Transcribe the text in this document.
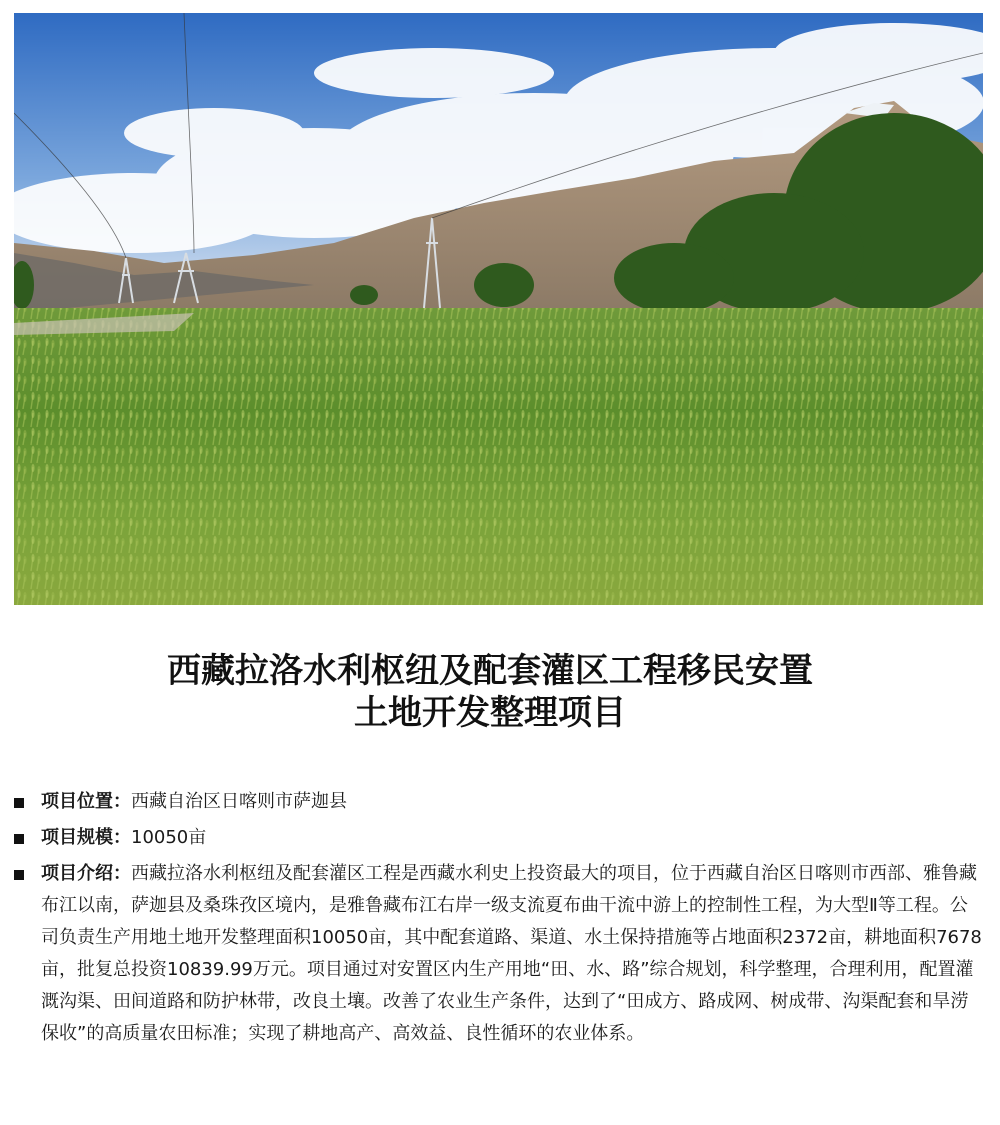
西藏拉洛水利枢纽及配套灌区工程移民安置
土地开发整理项目
项目位置：西藏自治区日喀则市萨迦县
项目规模：10050亩
项目介绍：西藏拉洛水利枢纽及配套灌区工程是西藏水利史上投资最大的项目，位于西藏自治区日喀则市西部、雅鲁藏布江以南，萨迦县及桑珠孜区境内，是雅鲁藏布江右岸一级支流夏布曲干流中游上的控制性工程，为大型Ⅱ等工程。公司负责生产用地土地开发整理面积10050亩，其中配套道路、渠道、水土保持措施等占地面积2372亩，耕地面积7678亩，批复总投资10839.99万元。项目通过对安置区内生产用地“田、水、路”综合规划，科学整理，合理利用，配置灌溉沟渠、田间道路和防护林带，改良土壤。改善了农业生产条件，达到了“田成方、路成网、树成带、沟渠配套和旱涝保收”的高质量农田标准；实现了耕地高产、高效益、良性循环的农业体系。
